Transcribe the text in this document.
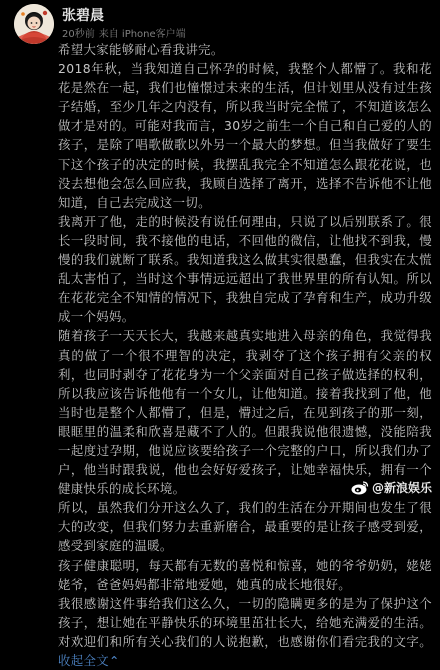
张碧晨
20秒前 来自 iPhone客户端

希望大家能够耐心看我讲完。

2018年秋，当我知道自己怀孕的时候，我整个人都懵了。我和花花是然在一起，我们也憧憬过未来的生活，但计划里从没有过生孩子结婚，至少几年之内没有，所以我当时完全慌了，不知道该怎么做才是对的。可能对我而言，30岁之前生一个自己和自己爱的人的孩子，是除了唱歌做歌以外另一个最大的梦想。但当我做好了要生下这个孩子的决定的时候，我摆乱我完全不知道怎么跟花花说，也没去想他会怎么回应我，我顾自选择了离开，选择不告诉他不让他知道，自己去完成这一切。

我离开了他，走的时候没有说任何理由，只说了以后别联系了。很长一段时间，我不接他的电话，不回他的微信，让他找不到我，慢慢的我们就断了联系。我知道我这么做其实很愚蠢，但我实在太慌乱太害怕了，当时这个事情远远超出了我世界里的所有认知。所以在花花完全不知情的情况下，我独自完成了孕育和生产，成功升级成一个妈妈。

随着孩子一天天长大，我越来越真实地进入母亲的角色，我觉得我真的做了一个很不理智的决定，我剥夺了这个孩子拥有父亲的权利，也同时剥夺了花花身为一个父亲面对自己孩子做选择的权利，所以我应该告诉他他有一个女儿，让他知道。接着我找到了他，他当时也是整个人都懵了，但是，懵过之后，在见到孩子的那一刻，眼眶里的温柔和欣喜是藏不了人的。但跟我说他很遗憾，没能陪我一起度过孕期，他说应该要给孩子一个完整的户口，所以我们办了户，他当时跟我说，他也会好好爱孩子，让她幸福快乐，拥有一个健康快乐的成长环境。

所以，虽然我们分开这么久了，我们的生活在分开期间也发生了很大的改变，但我们努力去重新磨合，最重要的是让孩子感受到爱，感受到家庭的温暖。

孩子健康聪明，每天都有无数的喜悦和惊喜，她的爷爷奶奶，姥姥姥爷，爸爸妈妈都非常地爱她，她真的成长地很好。

我很感谢这件事给我们这么久，一切的隐瞒更多的是为了保护这个孩子，想让她在平静快乐的环境里茁壮长大，给她充满爱的生活。对欢迎们和所有关心我们的人说抱歉，也感谢你们看完我的文字。 收起全文⌃

@新浪娱乐
